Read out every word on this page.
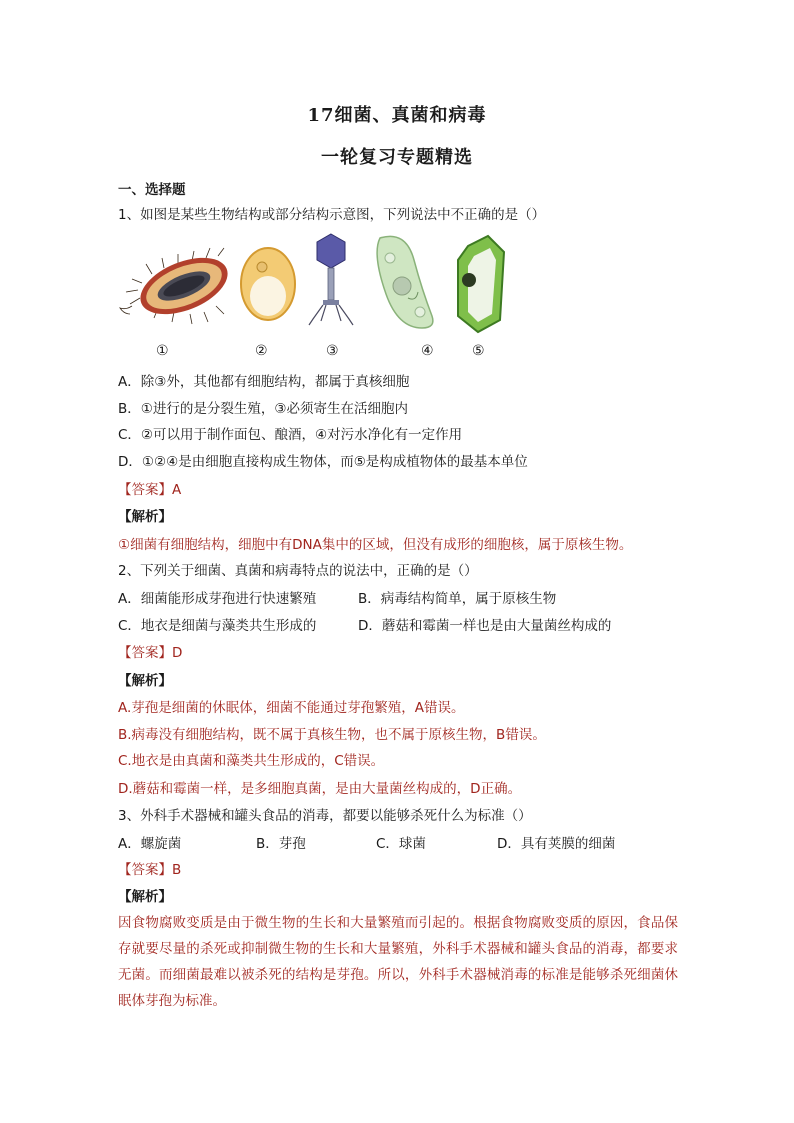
17细菌、真菌和病毒
一轮复习专题精选
一、选择题
1、如图是某些生物结构或部分结构示意图，下列说法中不正确的是（）
①	②	③	④	⑤
A．除③外，其他都有细胞结构，都属于真核细胞
B．①进行的是分裂生殖，③必须寄生在活细胞内
C．②可以用于制作面包、酿酒，④对污水净化有一定作用
D．①②④是由细胞直接构成生物体，而⑤是构成植物体的最基本单位
【答案】A
【解析】
①细菌有细胞结构，细胞中有DNA集中的区域，但没有成形的细胞核，属于原核生物。
2、下列关于细菌、真菌和病毒特点的说法中，正确的是（）
A．细菌能形成芽孢进行快速繁殖	B．病毒结构简单，属于原核生物
C．地衣是细菌与藻类共生形成的	D．蘑菇和霉菌一样也是由大量菌丝构成的
【答案】D
【解析】
A.芽孢是细菌的休眠体，细菌不能通过芽孢繁殖，A错误。
B.病毒没有细胞结构，既不属于真核生物，也不属于原核生物，B错误。
C.地衣是由真菌和藻类共生形成的，C错误。
D.蘑菇和霉菌一样，是多细胞真菌，是由大量菌丝构成的，D正确。
3、外科手术器械和罐头食品的消毒，都要以能够杀死什么为标准（）
A．螺旋菌	B．芽孢	C．球菌	D．具有荚膜的细菌
【答案】B
【解析】
因食物腐败变质是由于微生物的生长和大量繁殖而引起的。根据食物腐败变质的原因，食品保存就要尽量的杀死或抑制微生物的生长和大量繁殖，外科手术器械和罐头食品的消毒，都要求无菌。而细菌最难以被杀死的结构是芽孢。所以，外科手术器械消毒的标准是能够杀死细菌休眠体芽孢为标准。
